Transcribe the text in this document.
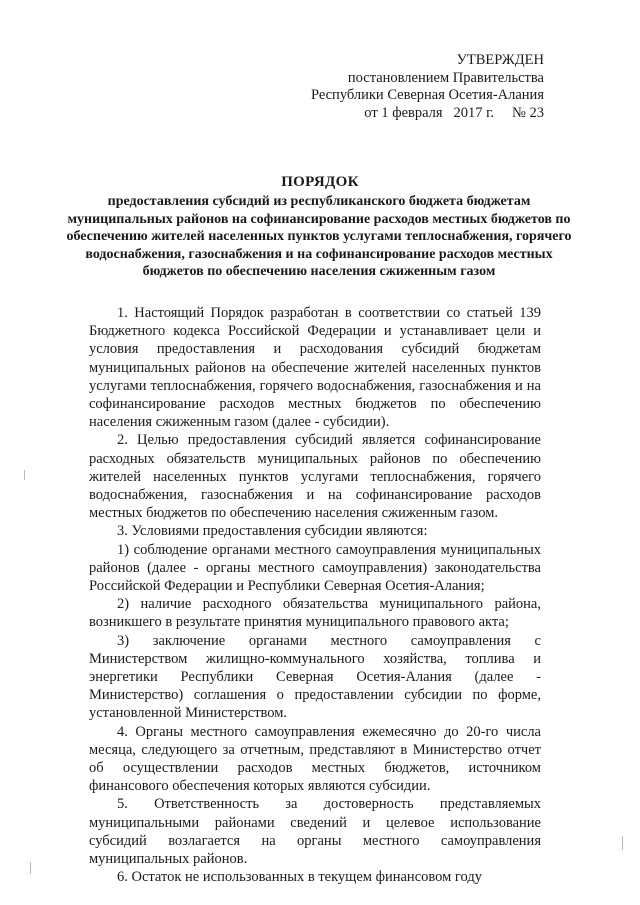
УТВЕРЖДЕН
постановлением Правительства
Республики Северная Осетия-Алания
от 1 февраля   2017 г. № 23
ПОРЯДОК
предоставления субсидий из республиканского бюджета бюджетам муниципальных районов на софинансирование расходов местных бюджетов по обеспечению жителей населенных пунктов услугами теплоснабжения, горячего водоснабжения, газоснабжения и на софинансирование расходов местных бюджетов по обеспечению населения сжиженным газом

1. Настоящий Порядок разработан в соответствии со статьей 139 Бюджетного кодекса Российской Федерации и устанавливает цели и условия предоставления и расходования субсидий бюджетам муниципальных районов на обеспечение жителей населенных пунктов услугами теплоснабжения, горячего водоснабжения, газоснабжения и на софинансирование расходов местных бюджетов по обеспечению населения сжиженным газом (далее - субсидии).

2. Целью предоставления субсидий является софинансирование расходных обязательств муниципальных районов по обеспечению жителей населенных пунктов услугами теплоснабжения, горячего водоснабжения, газоснабжения и на софинансирование расходов местных бюджетов по обеспечению населения сжиженным газом.

3. Условиями предоставления субсидии являются:

1) соблюдение органами местного самоуправления муниципальных районов (далее - органы местного самоуправления) законодательства Российской Федерации и Республики Северная Осетия-Алания;

2) наличие расходного обязательства муниципального района, возникшего в результате принятия муниципального правового акта;

3) заключение органами местного самоуправления с Министерством жилищно-коммунального хозяйства, топлива и энергетики Республики Северная Осетия-Алания (далее - Министерство) соглашения о предоставлении субсидии по форме, установленной Министерством.

4. Органы местного самоуправления ежемесячно до 20-го числа месяца, следующего за отчетным, представляют в Министерство отчет об осуществлении расходов местных бюджетов, источником финансового обеспечения которых являются субсидии.

5. Ответственность за достоверность представляемых муниципальными районами сведений и целевое использование субсидий возлагается на органы местного самоуправления муниципальных районов.

6. Остаток не использованных в текущем финансовом году
